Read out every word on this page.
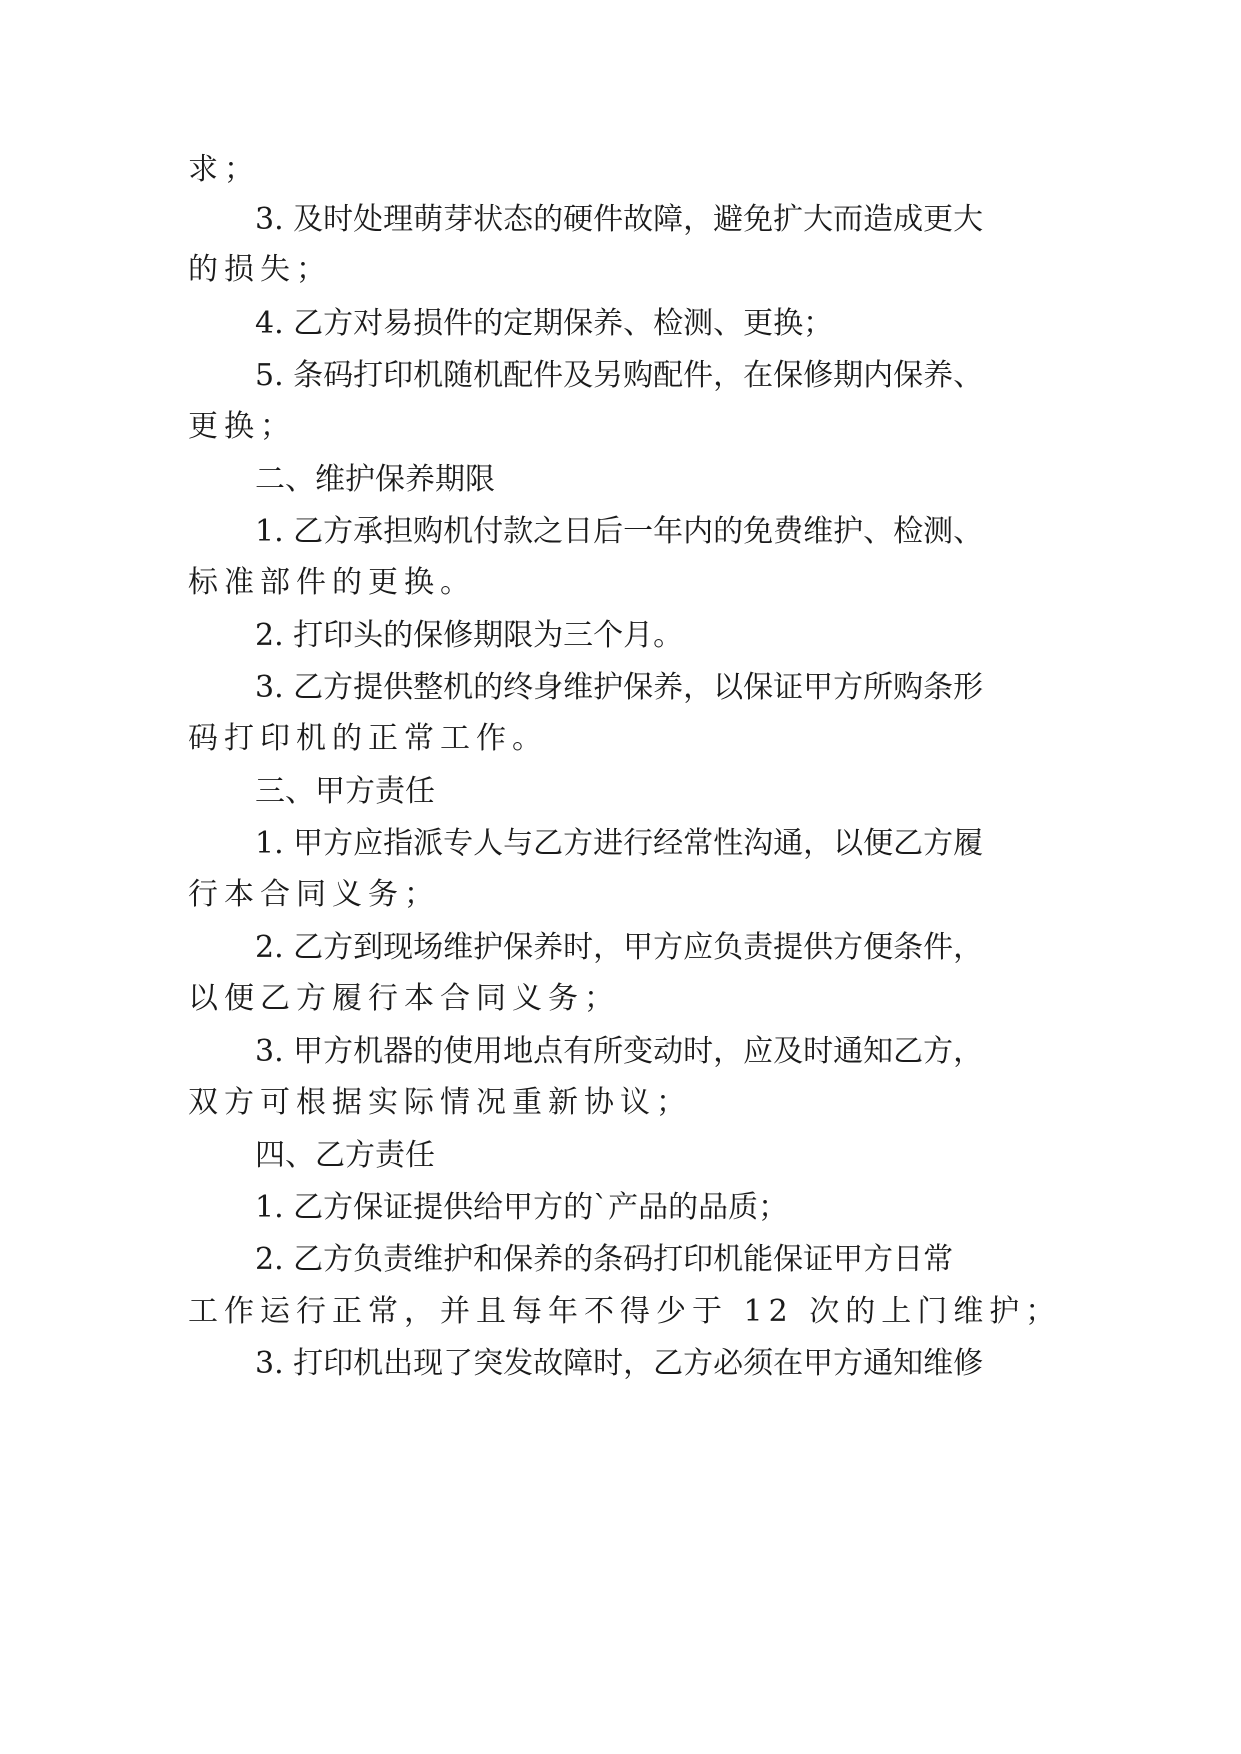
求；
3. 及时处理萌芽状态的硬件故障，避免扩大而造成更大
的损失；
4. 乙方对易损件的定期保养、检测、更换；
5. 条码打印机随机配件及另购配件，在保修期内保养、
更换；
二、维护保养期限
1. 乙方承担购机付款之日后一年内的免费维护、检测、
标准部件的更换。
2. 打印头的保修期限为三个月。
3. 乙方提供整机的终身维护保养，以保证甲方所购条形
码打印机的正常工作。
三、甲方责任
1. 甲方应指派专人与乙方进行经常性沟通，以便乙方履
行本合同义务；
2. 乙方到现场维护保养时，甲方应负责提供方便条件，
以便乙方履行本合同义务；
3. 甲方机器的使用地点有所变动时，应及时通知乙方，
双方可根据实际情况重新协议；
四、乙方责任
1. 乙方保证提供给甲方的`产品的品质；
2. 乙方负责维护和保养的条码打印机能保证甲方日常
工作运行正常，并且每年不得少于 12 次的上门维护；
3. 打印机出现了突发故障时，乙方必须在甲方通知维修
